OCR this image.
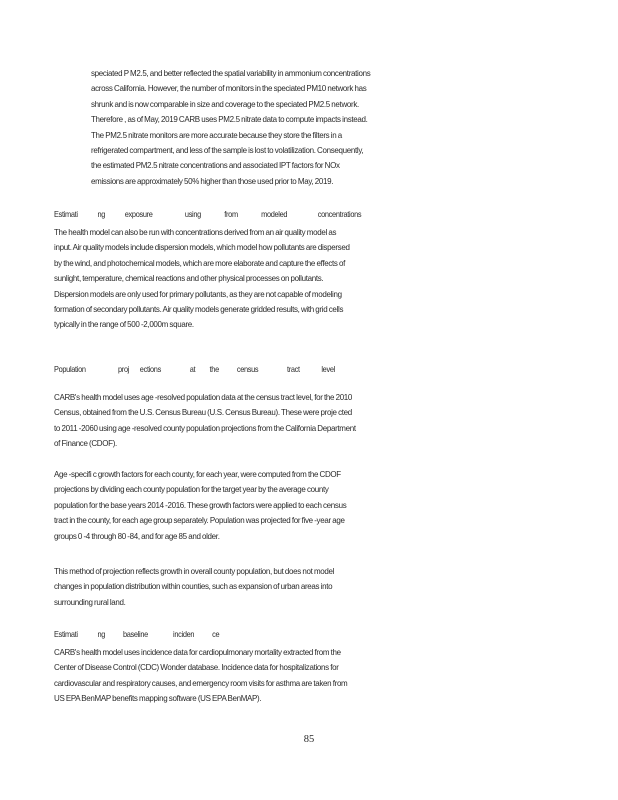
speciated P M2.5, and better reflected the spatial variability in ammonium concentrations
across California. However, the number of monitors in the speciated PM10 network has
shrunk and is now comparable in size and coverage to the speciated PM2.5 network.
Therefore , as of May, 2019 CARB uses PM2.5 nitrate data to compute impacts instead.
The PM2.5 nitrate monitors are more accurate because they store the filters in a
refrigerated compartment, and less of the sample is lost to volatilization. Consequently,
the estimated PM2.5 nitrate concentrations and associated IPT factors for NOx
emissions are approximately 50% higher than those used prior to May, 2019.
Estimati ng exposure	using	from	modeled	concentrations
The health model can also be run with concentrations derived from an air quality model as
input. Air quality models include dispersion models, which model how pollutants are dispersed
by the wind, and photochemical models, which are more elaborate and capture the effects of
sunlight, temperature, chemical reactions and other physical processes on pollutants.
Dispersion models are only used for primary pollutants, as they are not capable of modeling
formation of secondary pollutants. Air quality models generate gridded results, with grid cells
typically in the range of 500 -2,000m square.
Population	proj ections	at the census	tract	level
CARB's health model uses age -resolved population data at the census tract level, for the 2010
Census, obtained from the U.S. Census Bureau (U.S. Census Bureau). These were proje cted
to 2011 -2060 using age -resolved county population projections from the California Department
of Finance (CDOF).
Age -specifi c growth factors for each county, for each year, were computed from the CDOF
projections by dividing each county population for the target year by the average county
population for the base years 2014 -2016. These growth factors were applied to each census
tract in the county, for each age group separately. Population was projected for five -year age
groups 0 -4 through 80 -84, and for age 85 and older.
This method of projection reflects growth in overall county population, but does not model
changes in population distribution within counties, such as expansion of urban areas into
surrounding rural land.
Estimati ng baseline	inciden ce
CARB's health model uses incidence data for cardiopulmonary mortality extracted from the
Center of Disease Control (CDC) Wonder database. Incidence data for hospitalizations for
cardiovascular and respiratory causes, and emergency room visits for asthma are taken from
US EPA BenMAP benefits mapping software (US EPA BenMAP).
85
